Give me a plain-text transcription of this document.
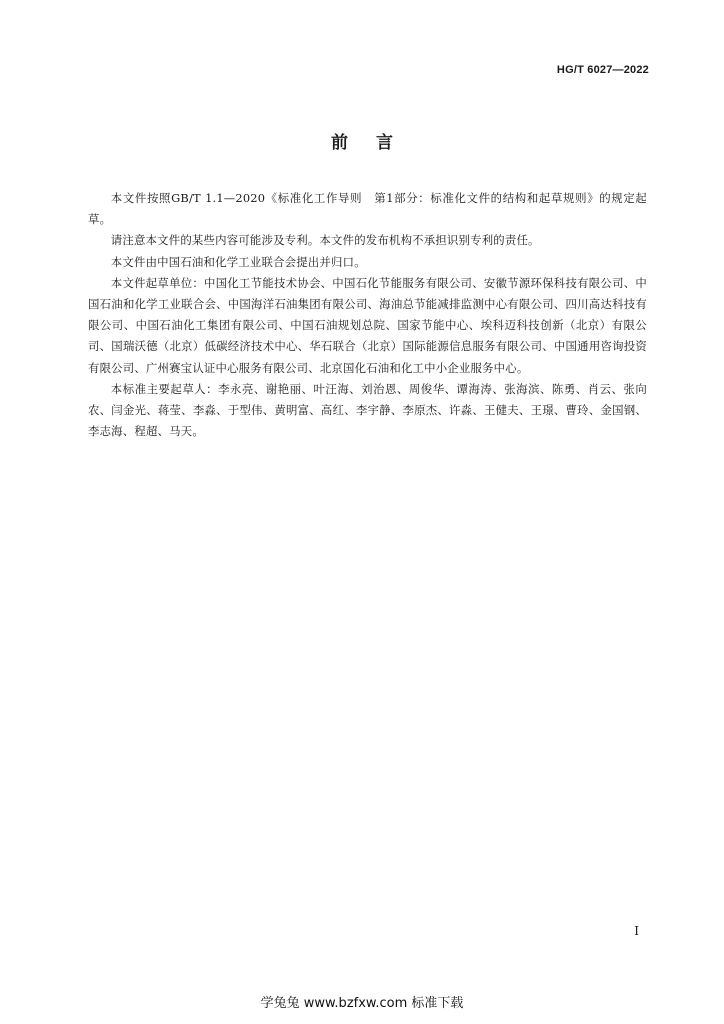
HG/T 6027—2022
前言

本文件按照GB/T 1.1—2020《标准化工作导则　第1部分：标准化文件的结构和起草规则》的规定起草。

请注意本文件的某些内容可能涉及专利。本文件的发布机构不承担识别专利的责任。

本文件由中国石油和化学工业联合会提出并归口。

本文件起草单位：中国化工节能技术协会、中国石化节能服务有限公司、安徽节源环保科技有限公司、中国石油和化学工业联合会、中国海洋石油集团有限公司、海油总节能减排监测中心有限公司、四川高达科技有限公司、中国石油化工集团有限公司、中国石油规划总院、国家节能中心、埃科迈科技创新（北京）有限公司、国瑞沃德（北京）低碳经济技术中心、华石联合（北京）国际能源信息服务有限公司、中国通用咨询投资有限公司、广州赛宝认证中心服务有限公司、北京国化石油和化工中小企业服务中心。

本标准主要起草人：李永亮、谢艳丽、叶汪海、刘治恩、周俊华、谭海涛、张海滨、陈勇、肖云、张向农、闫金光、蒋莹、李淼、于型伟、黄明富、高红、李宇静、李原杰、许淼、王健夫、王璟、曹玲、金国钢、李志海、程超、马天。

I
学兔兔 www.bzfxw.com 标准下载
